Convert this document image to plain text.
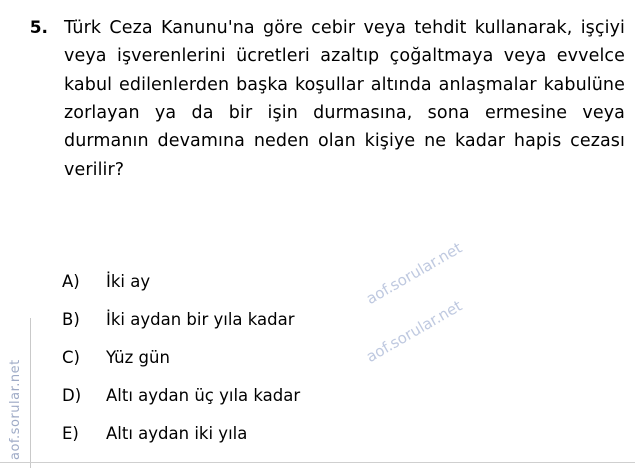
5. Türk Ceza Kanunu'na göre cebir veya tehdit kullanarak, işçiyi veya işverenlerini ücretleri azaltıp çoğaltmaya veya evvelce kabul edilenlerden başka koşullar altında anlaşmalar kabulüne zorlayan ya da bir işin durmasına, sona ermesine veya durmanın devamına neden olan kişiye ne kadar hapis cezası verilir?
A)	İki ay
B)	İki aydan bir yıla kadar
C)	Yüz gün
D)	Altı aydan üç yıla kadar
E)	Altı aydan iki yıla
aof.sorular.net
aof.sorular.net
aof.sorular.net
